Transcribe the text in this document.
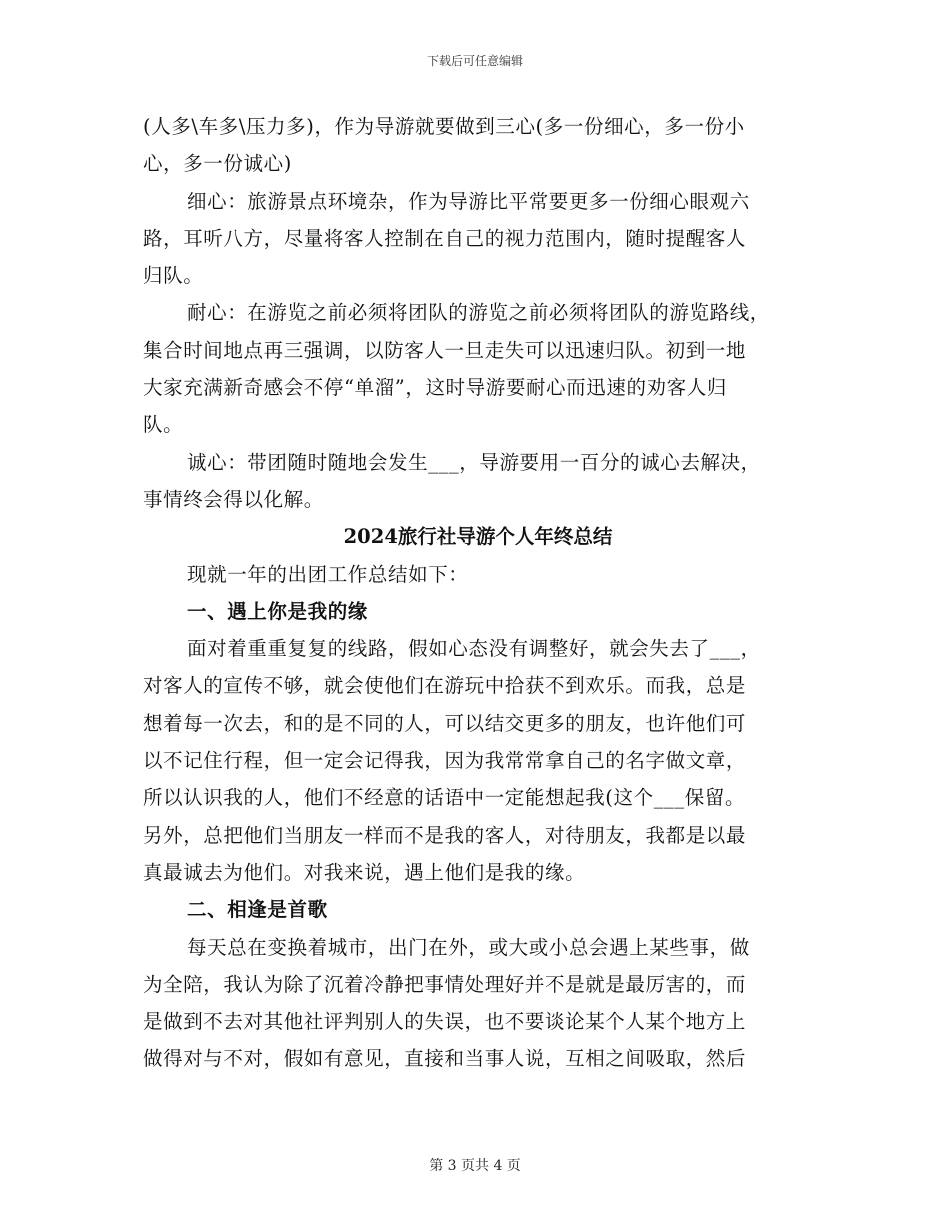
下载后可任意编辑
(人多\车多\压力多)，作为导游就要做到三心(多一份细心，多一份小
心，多一份诚心)
细心：旅游景点环境杂，作为导游比平常要更多一份细心眼观六
路，耳听八方，尽量将客人控制在自己的视力范围内，随时提醒客人
归队。
耐心：在游览之前必须将团队的游览之前必须将团队的游览路线，
集合时间地点再三强调，以防客人一旦走失可以迅速归队。初到一地
大家充满新奇感会不停“单溜”，这时导游要耐心而迅速的劝客人归
队。
诚心：带团随时随地会发生___，导游要用一百分的诚心去解决，
事情终会得以化解。
2024旅行社导游个人年终总结
现就一年的出团工作总结如下：
一、遇上你是我的缘
面对着重重复复的线路，假如心态没有调整好，就会失去了___，
对客人的宣传不够，就会使他们在游玩中拾获不到欢乐。而我，总是
想着每一次去，和的是不同的人，可以结交更多的朋友，也许他们可
以不记住行程，但一定会记得我，因为我常常拿自己的名字做文章，
所以认识我的人，他们不经意的话语中一定能想起我(这个___保留。
另外，总把他们当朋友一样而不是我的客人，对待朋友，我都是以最
真最诚去为他们。对我来说，遇上他们是我的缘。
二、相逢是首歌
每天总在变换着城市，出门在外，或大或小总会遇上某些事，做
为全陪，我认为除了沉着冷静把事情处理好并不是就是最厉害的，而
是做到不去对其他社评判别人的失误，也不要谈论某个人某个地方上
做得对与不对，假如有意见，直接和当事人说，互相之间吸取，然后
第 3 页共 4 页
